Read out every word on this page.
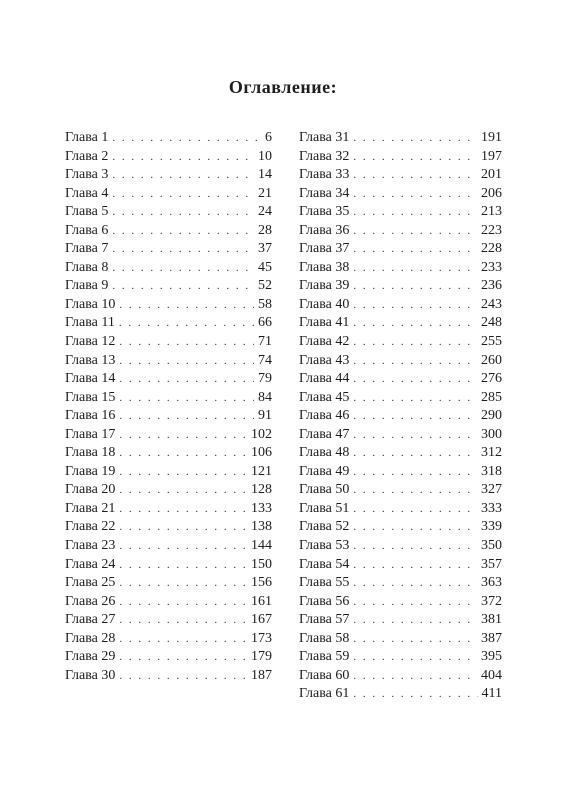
Оглавление:
Глава 1 . . .	6
Глава 2 . . .	10
Глава 3 . . .	14
Глава 4 . . .	21
Глава 5 . . .	24
Глава 6 . . .	28
Глава 7 . . .	37
Глава 8 . . .	45
Глава 9 . . .	52
Глава 10 . . .	58
Глава 11 . . .	66
Глава 12 . . .	71
Глава 13 . . .	74
Глава 14 . . .	79
Глава 15 . . .	84
Глава 16 . . .	91
Глава 17 . . .	102
Глава 18 . . .	106
Глава 19 . . .	121
Глава 20 . . .	128
Глава 21 . . .	133
Глава 22 . . .	138
Глава 23 . . .	144
Глава 24 . . .	150
Глава 25 . . .	156
Глава 26 . . .	161
Глава 27 . . .	167
Глава 28 . . .	173
Глава 29 . . .	179
Глава 30 . . .	187
Глава 31 . . .	191
Глава 32 . . .	197
Глава 33 . . .	201
Глава 34 . . .	206
Глава 35 . . .	213
Глава 36 . . .	223
Глава 37 . . .	228
Глава 38 . . .	233
Глава 39 . . .	236
Глава 40 . . .	243
Глава 41 . . .	248
Глава 42 . . .	255
Глава 43 . . .	260
Глава 44 . . .	276
Глава 45 . . .	285
Глава 46 . . .	290
Глава 47 . . .	300
Глава 48 . . .	312
Глава 49 . . .	318
Глава 50 . . .	327
Глава 51 . . .	333
Глава 52 . . .	339
Глава 53 . . .	350
Глава 54 . . .	357
Глава 55 . . .	363
Глава 56 . . .	372
Глава 57 . . .	381
Глава 58 . . .	387
Глава 59 . . .	395
Глава 60 . . .	404
Глава 61 . . .	411
